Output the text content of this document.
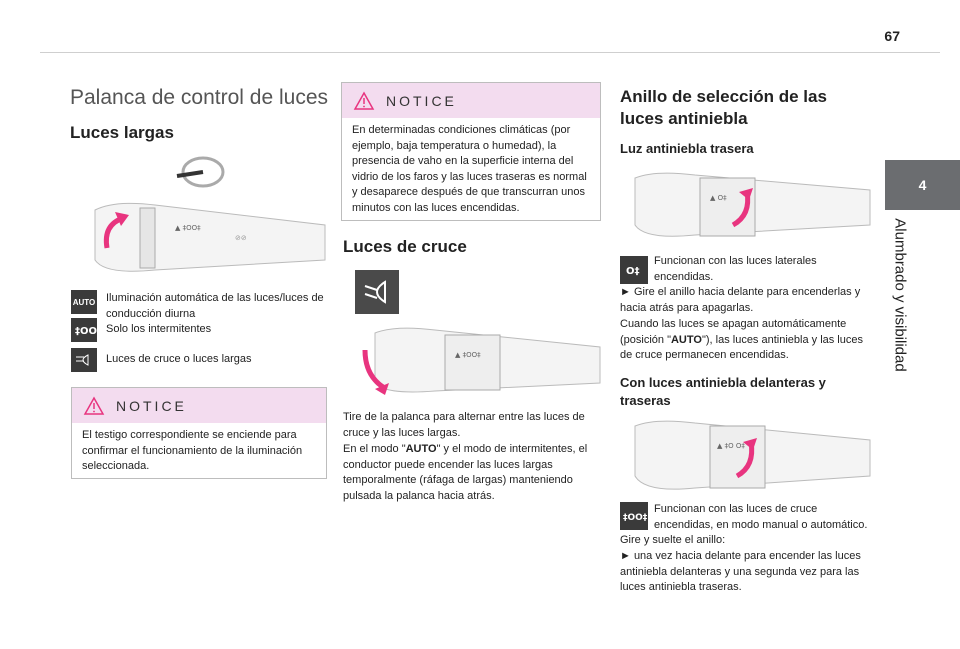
67
4
Alumbrado y visibilidad
Palanca de control de luces
Luces largas
⊘⊘
▲ ‡OO‡
AUTO Iluminación automática de las luces/luces de conducción diurna
‡OO‡ Solo los intermitentes
Luces de cruce o luces largas
NOTICE
El testigo correspondiente se enciende para confirmar el funcionamiento de la iluminación seleccionada.
NOTICE
En determinadas condiciones climáticas (por ejemplo, baja temperatura o humedad), la presencia de vaho en la superficie interna del vidrio de los faros y las luces traseras es normal y desaparece después de que transcurran unos minutos con las luces encendidas.
Luces de cruce
▲ ‡OO‡
Tire de la palanca para alternar entre las luces de cruce y las luces largas.
En el modo "AUTO" y el modo de intermitentes, el conductor puede encender las luces largas temporalmente (ráfaga de largas) manteniendo pulsada la palanca hacia atrás.
Anillo de selección de las luces antiniebla
Luz antiniebla trasera
▲ O‡
O‡
Funcionan con las luces laterales encendidas.
► Gire el anillo hacia delante para encenderlas y hacia atrás para apagarlas.
Cuando las luces se apagan automáticamente (posición "AUTO"), las luces antiniebla y las luces de cruce permanecen encendidas.
Con luces antiniebla delanteras y traseras
▲ ‡O O‡
‡OO‡
Funcionan con las luces de cruce encendidas, en modo manual o automático.
Gire y suelte el anillo:
► una vez hacia delante para encender las luces antiniebla delanteras y una segunda vez para las luces antiniebla traseras.
